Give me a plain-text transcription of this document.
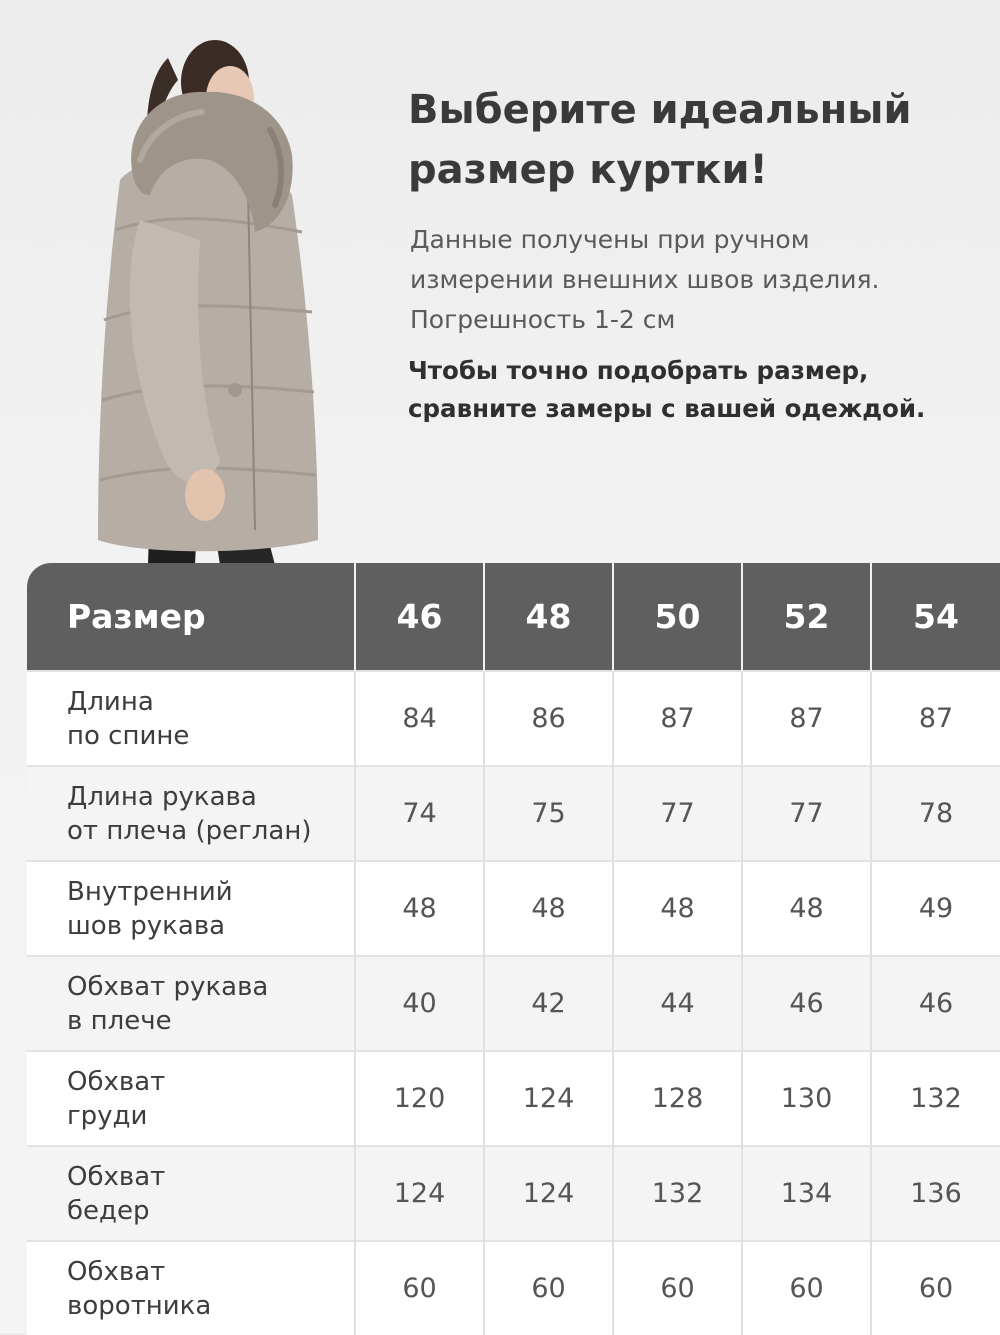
Выберите идеальный
размер куртки!

Данные получены при ручном
измерении внешних швов изделия.
Погрешность 1-2 см

Чтобы точно подобрать размер,
сравните замеры с вашей одеждой.

Размер	46	48	50	52	54

Длина
по спине	84	86	87	87	87

Длина рукава
от плеча (реглан)	74	75	77	77	78

Внутренний
шов рукава	48	48	48	48	49

Обхват рукава
в плече	40	42	44	46	46

Обхват
груди	120	124	128	130	132

Обхват
бедер	124	124	132	134	136

Обхват
воротника	60	60	60	60	60
